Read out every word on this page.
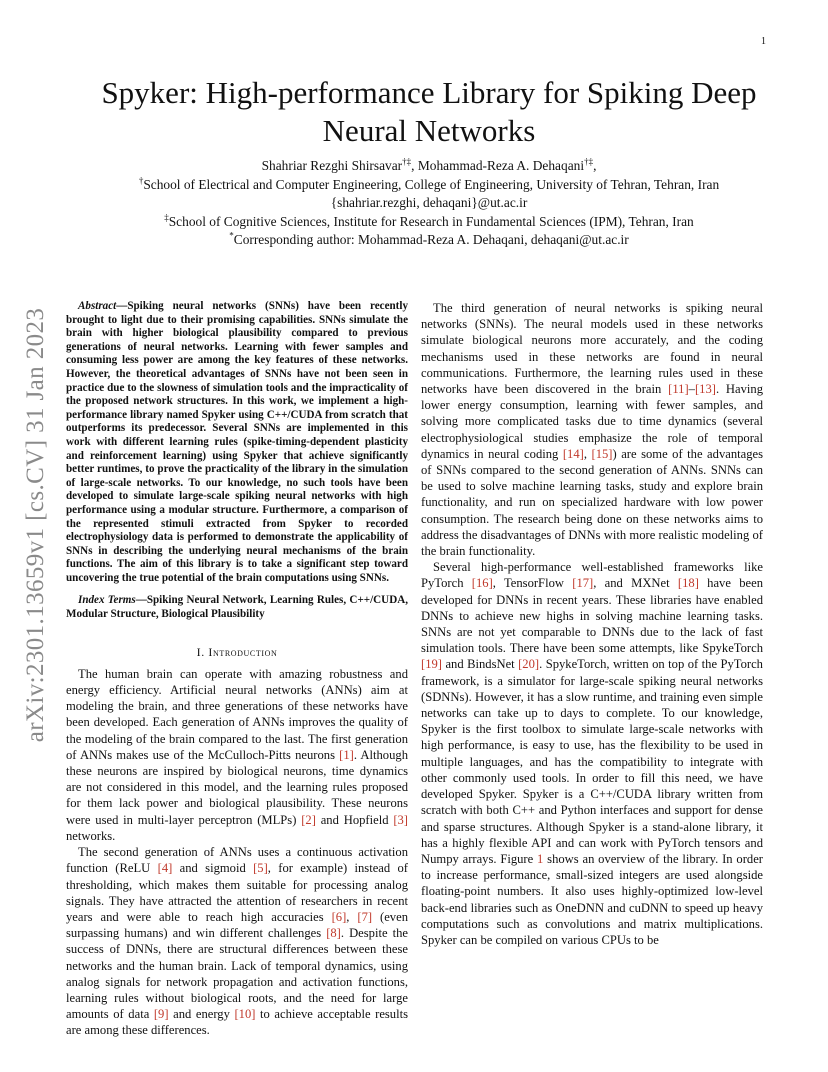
1
arXiv:2301.13659v1 [cs.CV] 31 Jan 2023
Spyker: High-performance Library for Spiking Deep Neural Networks
Shahriar Rezghi Shirsavar†‡, Mohammad-Reza A. Dehaqani†‡,
†School of Electrical and Computer Engineering, College of Engineering, University of Tehran, Tehran, Iran
{shahriar.rezghi, dehaqani}@ut.ac.ir
‡School of Cognitive Sciences, Institute for Research in Fundamental Sciences (IPM), Tehran, Iran
*Corresponding author: Mohammad-Reza A. Dehaqani, dehaqani@ut.ac.ir

Abstract—Spiking neural networks (SNNs) have been recently brought to light due to their promising capabilities. SNNs simulate the brain with higher biological plausibility compared to previous generations of neural networks. Learning with fewer samples and consuming less power are among the key features of these networks. However, the theoretical advantages of SNNs have not been seen in practice due to the slowness of simulation tools and the impracticality of the proposed network structures. In this work, we implement a high-performance library named Spyker using C++/CUDA from scratch that outperforms its predecessor. Several SNNs are implemented in this work with different learning rules (spike-timing-dependent plasticity and reinforcement learning) using Spyker that achieve significantly better runtimes, to prove the practicality of the library in the simulation of large-scale networks. To our knowledge, no such tools have been developed to simulate large-scale spiking neural networks with high performance using a modular structure. Furthermore, a comparison of the represented stimuli extracted from Spyker to recorded electrophysiology data is performed to demonstrate the applicability of SNNs in describing the underlying neural mechanisms of the brain functions. The aim of this library is to take a significant step toward uncovering the true potential of the brain computations using SNNs.

Index Terms—Spiking Neural Network, Learning Rules, C++/CUDA, Modular Structure, Biological Plausibility

I. Introduction

The human brain can operate with amazing robustness and energy efficiency. Artificial neural networks (ANNs) aim at modeling the brain, and three generations of these networks have been developed. Each generation of ANNs improves the quality of the modeling of the brain compared to the last. The first generation of ANNs makes use of the McCulloch-Pitts neurons [1]. Although these neurons are inspired by biological neurons, time dynamics are not considered in this model, and the learning rules proposed for them lack power and biological plausibility. These neurons were used in multi-layer perceptron (MLPs) [2] and Hopfield [3] networks.

The second generation of ANNs uses a continuous activation function (ReLU [4] and sigmoid [5], for example) instead of thresholding, which makes them suitable for processing analog signals. They have attracted the attention of researchers in recent years and were able to reach high accuracies [6], [7] (even surpassing humans) and win different challenges [8]. Despite the success of DNNs, there are structural differences between these networks and the human brain. Lack of temporal dynamics, using analog signals for network propagation and activation functions, learning rules without biological roots, and the need for large amounts of data [9] and energy [10] to achieve acceptable results are among these differences.

The third generation of neural networks is spiking neural networks (SNNs). The neural models used in these networks simulate biological neurons more accurately, and the coding mechanisms used in these networks are found in neural communications. Furthermore, the learning rules used in these networks have been discovered in the brain [11]–[13]. Having lower energy consumption, learning with fewer samples, and solving more complicated tasks due to time dynamics (several electrophysiological studies emphasize the role of temporal dynamics in neural coding [14], [15]) are some of the advantages of SNNs compared to the second generation of ANNs. SNNs can be used to solve machine learning tasks, study and explore brain functionality, and run on specialized hardware with low power consumption. The research being done on these networks aims to address the disadvantages of DNNs with more realistic modeling of the brain functionality.

Several high-performance well-established frameworks like PyTorch [16], TensorFlow [17], and MXNet [18] have been developed for DNNs in recent years. These libraries have enabled DNNs to achieve new highs in solving machine learning tasks. SNNs are not yet comparable to DNNs due to the lack of fast simulation tools. There have been some attempts, like SpykeTorch [19] and BindsNet [20]. SpykeTorch, written on top of the PyTorch framework, is a simulator for large-scale spiking neural networks (SDNNs). However, it has a slow runtime, and training even simple networks can take up to days to complete. To our knowledge, Spyker is the first toolbox to simulate large-scale networks with high performance, is easy to use, has the flexibility to be used in multiple languages, and has the compatibility to integrate with other commonly used tools. In order to fill this need, we have developed Spyker. Spyker is a C++/CUDA library written from scratch with both C++ and Python interfaces and support for dense and sparse structures. Although Spyker is a stand-alone library, it has a highly flexible API and can work with PyTorch tensors and Numpy arrays. Figure 1 shows an overview of the library. In order to increase performance, small-sized integers are used alongside floating-point numbers. It also uses highly-optimized low-level back-end libraries such as OneDNN and cuDNN to speed up heavy computations such as convolutions and matrix multiplications. Spyker can be compiled on various CPUs to be
